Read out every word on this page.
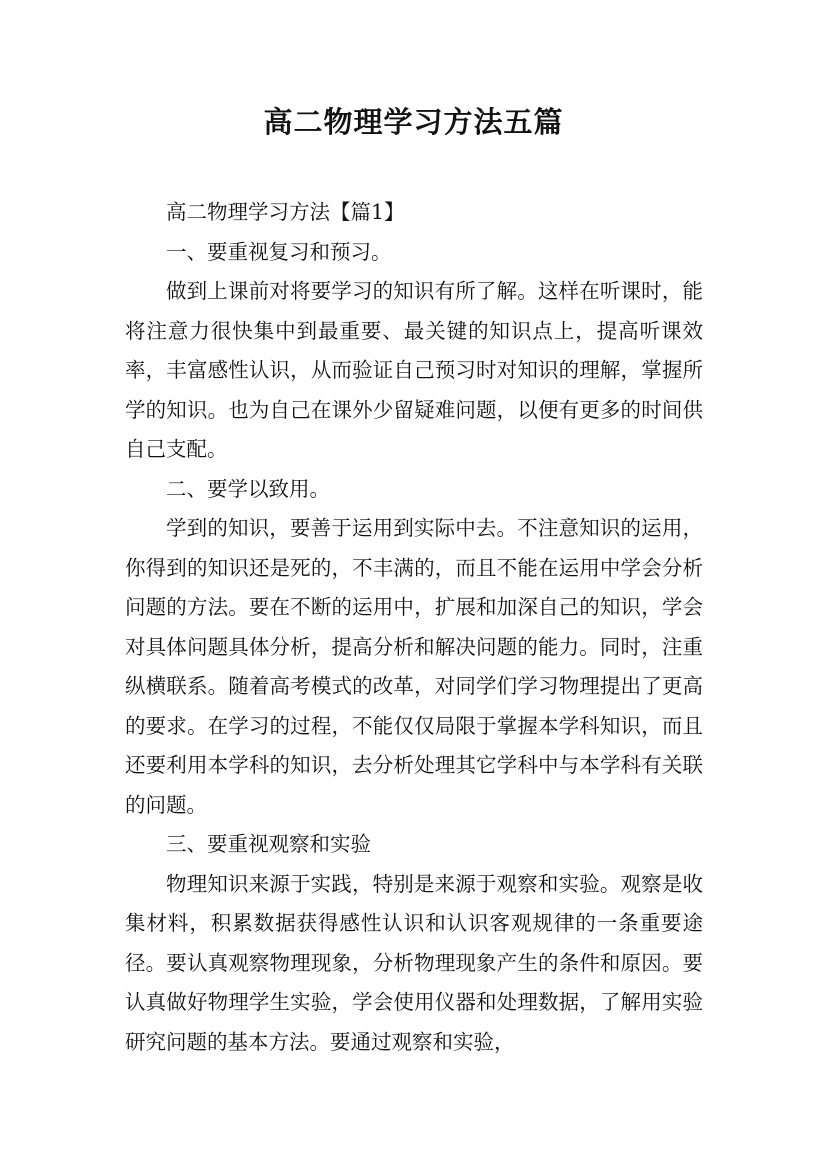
高二物理学习方法五篇

高二物理学习方法【篇1】

一、要重视复习和预习。

做到上课前对将要学习的知识有所了解。这样在听课时，能将注意力很快集中到最重要、最关键的知识点上，提高听课效率，丰富感性认识，从而验证自己预习时对知识的理解，掌握所学的知识。也为自己在课外少留疑难问题，以便有更多的时间供自己支配。

二、要学以致用。

学到的知识，要善于运用到实际中去。不注意知识的运用，你得到的知识还是死的，不丰满的，而且不能在运用中学会分析问题的方法。要在不断的运用中，扩展和加深自己的知识，学会对具体问题具体分析，提高分析和解决问题的能力。同时，注重纵横联系。随着高考模式的改革，对同学们学习物理提出了更高的要求。在学习的过程，不能仅仅局限于掌握本学科知识，而且还要利用本学科的知识，去分析处理其它学科中与本学科有关联的问题。

三、要重视观察和实验

物理知识来源于实践，特别是来源于观察和实验。观察是收集材料，积累数据获得感性认识和认识客观规律的一条重要途径。要认真观察物理现象，分析物理现象产生的条件和原因。要认真做好物理学生实验，学会使用仪器和处理数据，了解用实验研究问题的基本方法。要通过观察和实验，
